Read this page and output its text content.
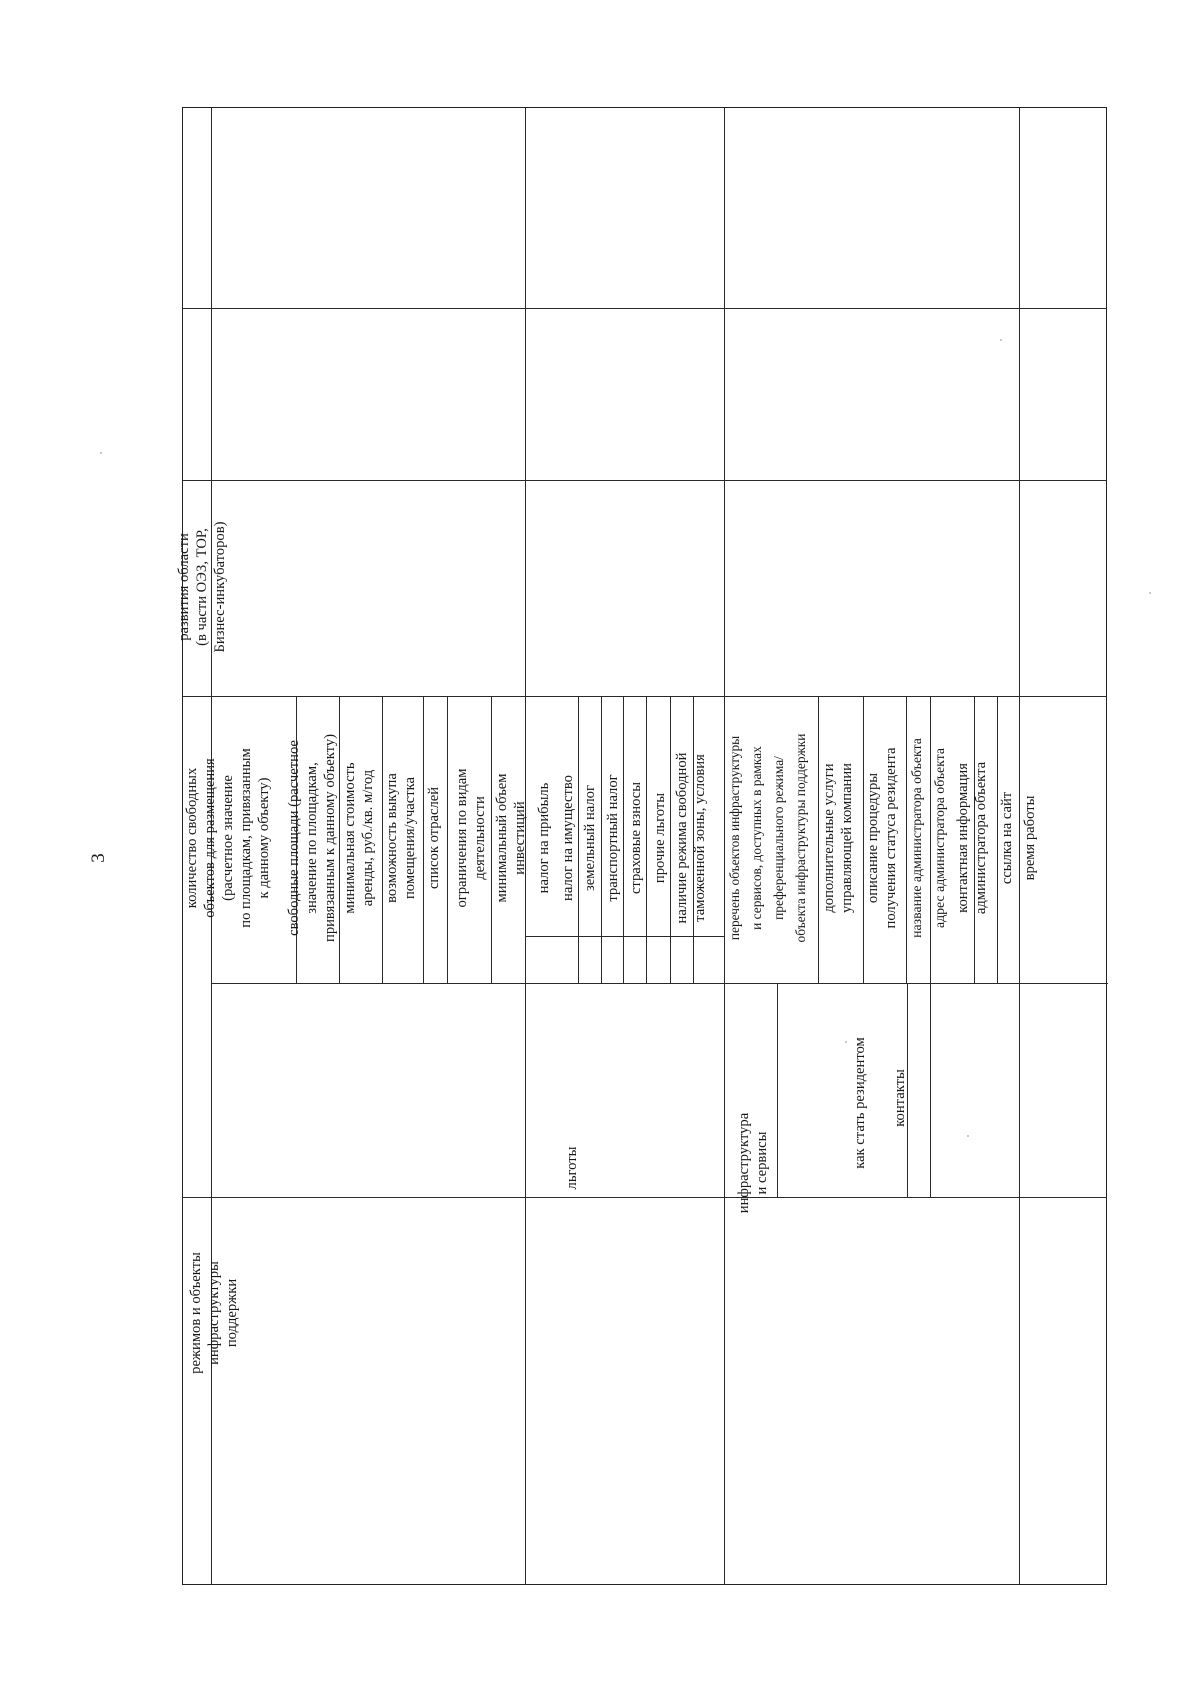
3
режимов и объекты
инфраструктуры
поддержки
развития области
(в части ОЭЗ, ТОР,
Бизнес-инкубаторов)
льготы	инфраструктура
и сервисы	как стать резидентом контакты
количество свободных
объектов для размещения
(расчетное значение
по площадкам, привязанным
к данному объекту)
свободные площади (расчетное
значение по площадкам,
привязанным к данному объекту)
минимальная стоимость
аренды, руб./кв. м/год
возможность выкупа
помещения/участка список отраслей ограничения по видам
деятельности минимальный объем
инвестиций налог на прибыль налог на имущество земельный налог транспортный налог страховые взносы прочие льготы
наличие режима свободной
таможенной зоны, условия
перечень объектов инфраструктуры
и сервисов, доступных в рамках
преференциального режима/
объекта инфраструктуры поддержки
дополнительные услуги
управляющей компании
описание процедуры
получения статуса резидента название администратора объекта адрес администратора объекта контактная информация
администратора объекта
ссылка на сайт время работы
